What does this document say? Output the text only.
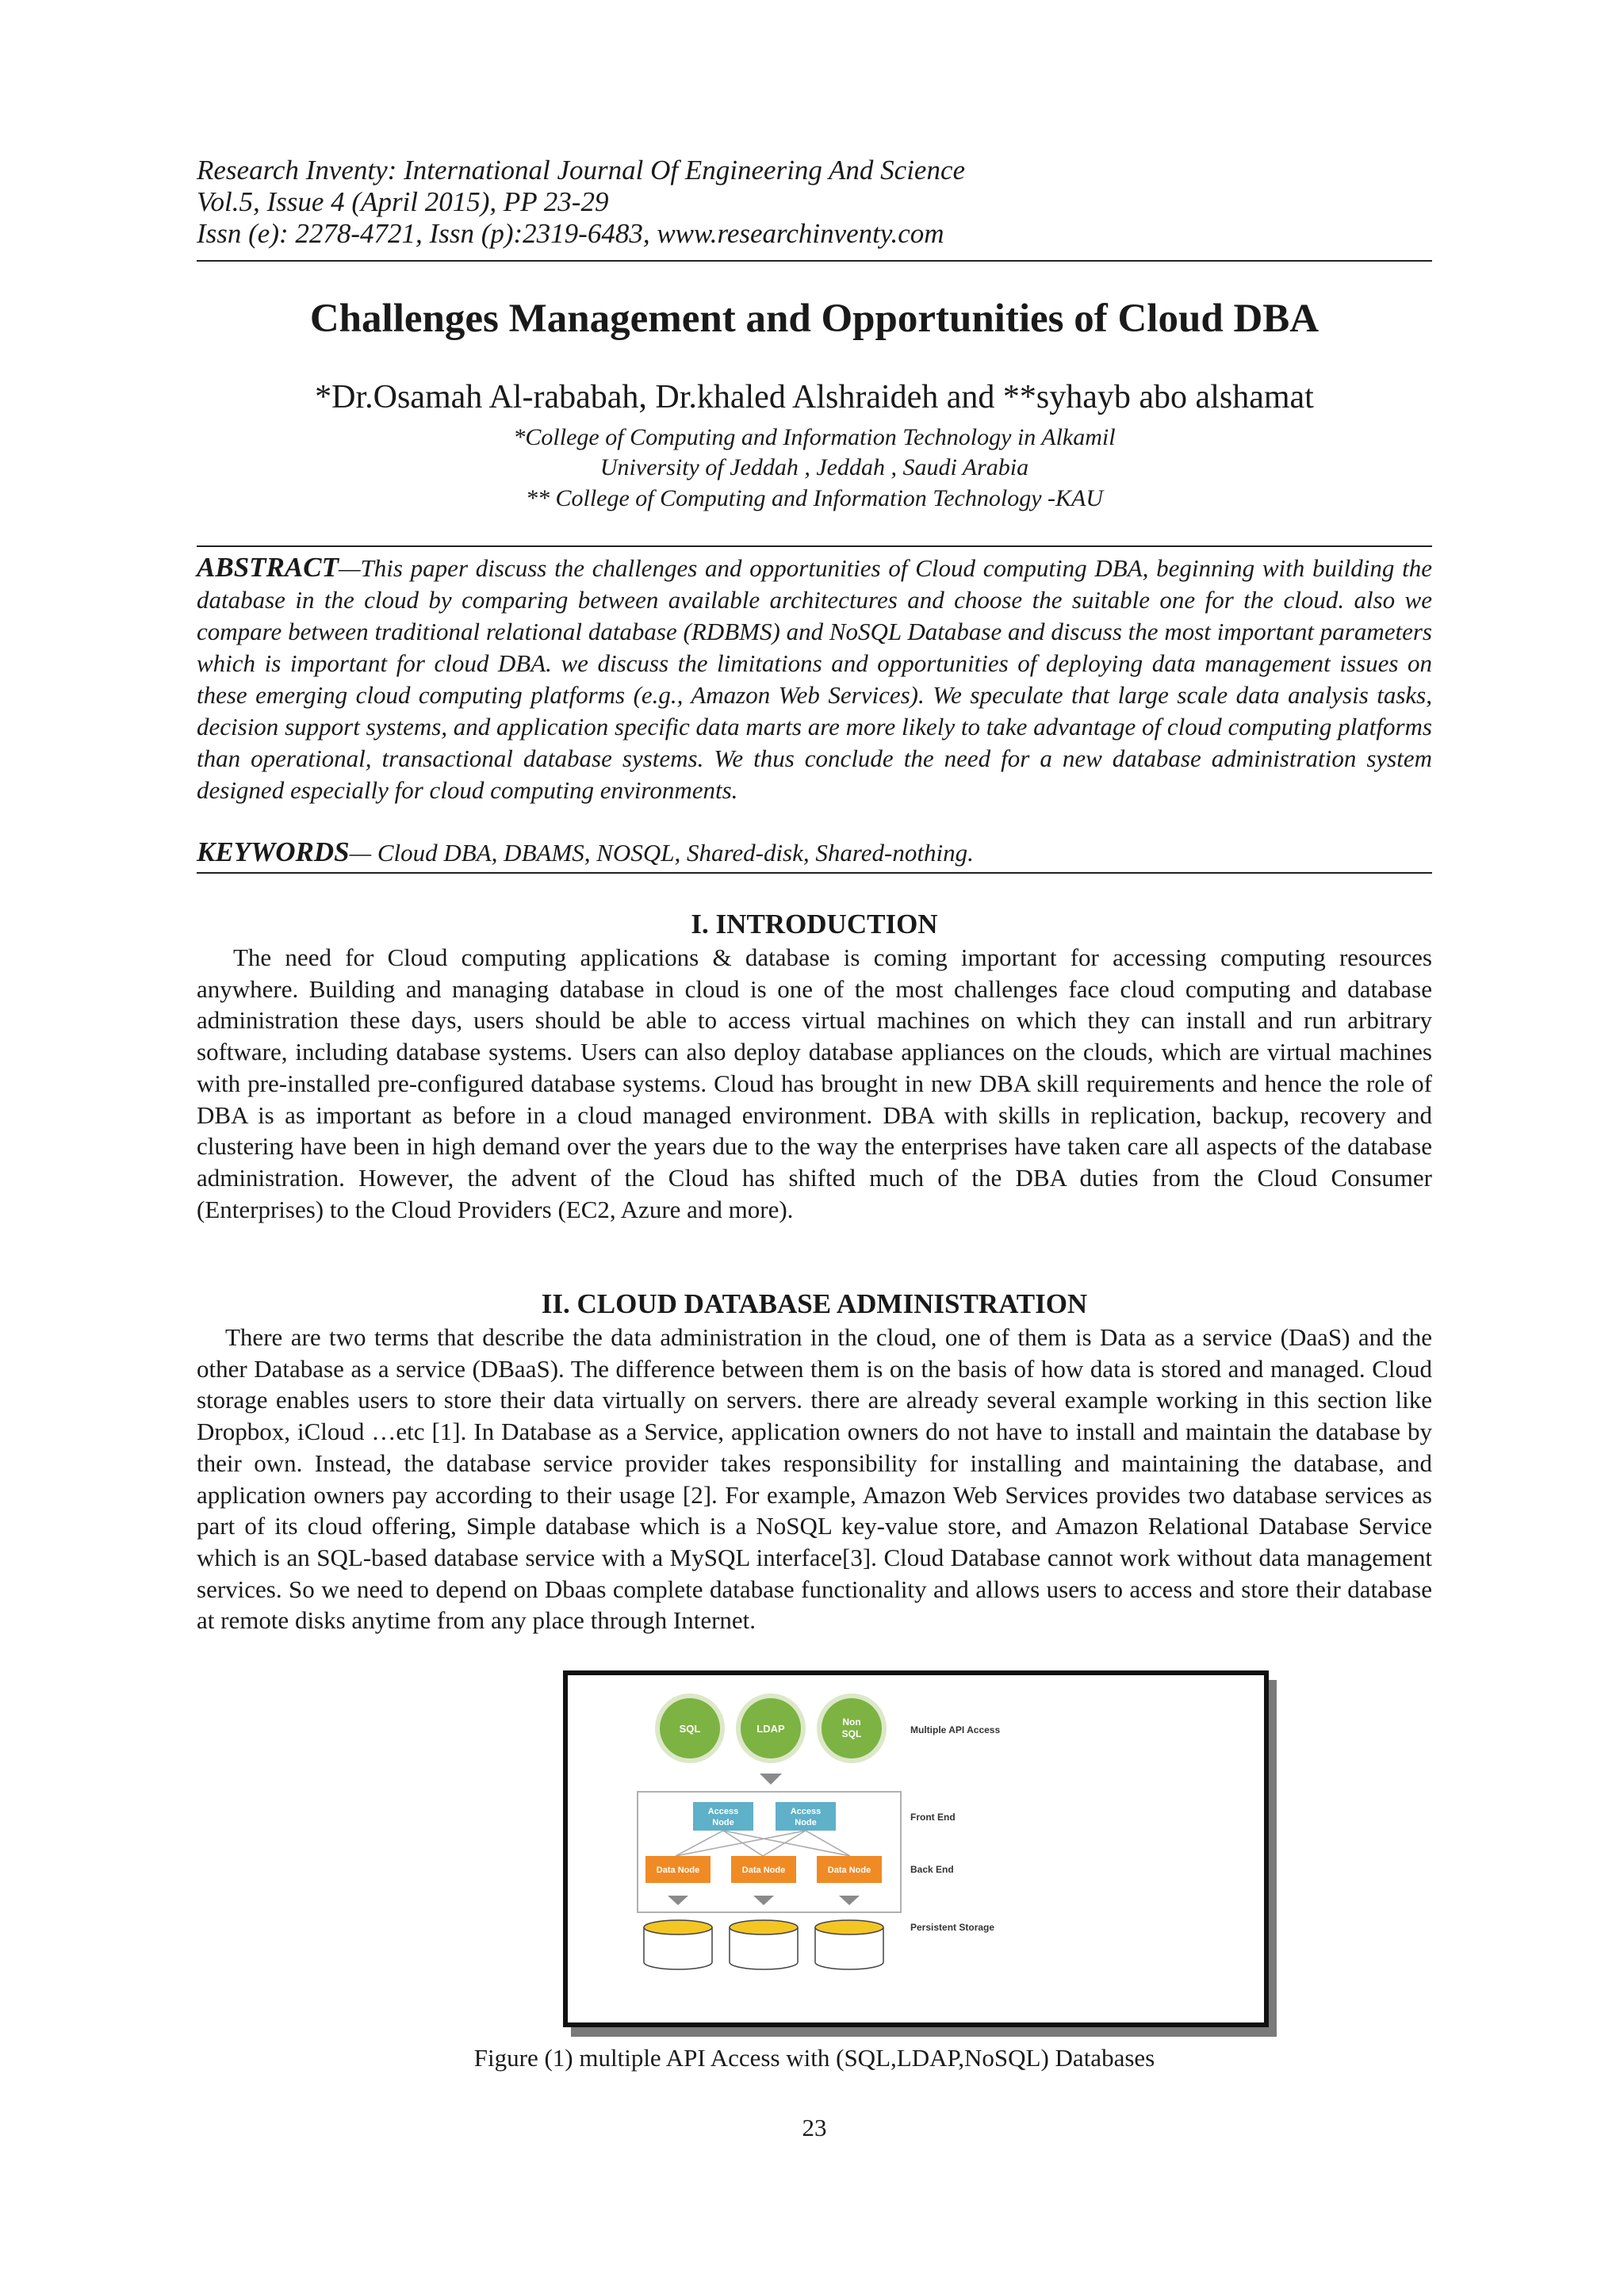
Research Inventy: International Journal Of Engineering And Science
Vol.5, Issue 4 (April 2015), PP 23-29
Issn (e): 2278-4721, Issn (p):2319-6483, www.researchinventy.com
Challenges Management and Opportunities of Cloud DBA
*Dr.Osamah Al-rababah, Dr.khaled Alshraideh and **syhayb abo alshamat
*College of Computing and Information Technology in Alkamil
University of Jeddah , Jeddah , Saudi Arabia
** College of Computing and Information Technology -KAU
ABSTRACT—This paper discuss the challenges and opportunities of Cloud computing DBA, beginning with building the database in the cloud by comparing between available architectures and choose the suitable one for the cloud. also we compare between traditional relational database (RDBMS) and NoSQL Database and discuss the most important parameters which is important for cloud DBA. we discuss the limitations and opportunities of deploying data management issues on these emerging cloud computing platforms (e.g., Amazon Web Services). We speculate that large scale data analysis tasks, decision support systems, and application specific data marts are more likely to take advantage of cloud computing platforms than operational, transactional database systems. We thus conclude the need for a new database administration system designed especially for cloud computing environments.
KEYWORDS— Cloud DBA, DBAMS, NOSQL, Shared-disk, Shared-nothing.
I. INTRODUCTION
The need for Cloud computing applications & database is coming important for accessing computing resources anywhere. Building and managing database in cloud is one of the most challenges face cloud computing and database administration these days, users should be able to access virtual machines on which they can install and run arbitrary software, including database systems. Users can also deploy database appliances on the clouds, which are virtual machines with pre-installed pre-configured database systems. Cloud has brought in new DBA skill requirements and hence the role of DBA is as important as before in a cloud managed environment. DBA with skills in replication, backup, recovery and clustering have been in high demand over the years due to the way the enterprises have taken care all aspects of the database administration. However, the advent of the Cloud has shifted much of the DBA duties from the Cloud Consumer (Enterprises) to the Cloud Providers (EC2, Azure and more).
II. CLOUD DATABASE ADMINISTRATION
There are two terms that describe the data administration in the cloud, one of them is Data as a service (DaaS) and the other Database as a service (DBaaS). The difference between them is on the basis of how data is stored and managed. Cloud storage enables users to store their data virtually on servers. there are already several example working in this section like Dropbox, iCloud …etc [1]. In Database as a Service, application owners do not have to install and maintain the database by their own. Instead, the database service provider takes responsibility for installing and maintaining the database, and application owners pay according to their usage [2]. For example, Amazon Web Services provides two database services as part of its cloud offering, Simple database which is a NoSQL key-value store, and Amazon Relational Database Service which is an SQL-based database service with a MySQL interface[3]. Cloud Database cannot work without data management services. So we need to depend on Dbaas complete database functionality and allows users to access and store their database at remote disks anytime from any place through Internet.
SQL	LDAP
Non
SQL	Multiple API Access
Access
Node
Access
Node	Front End
Data Node	Data Node	Data Node	Back End
Persistent Storage
Figure (1) multiple API Access with (SQL,LDAP,NoSQL) Databases
23
